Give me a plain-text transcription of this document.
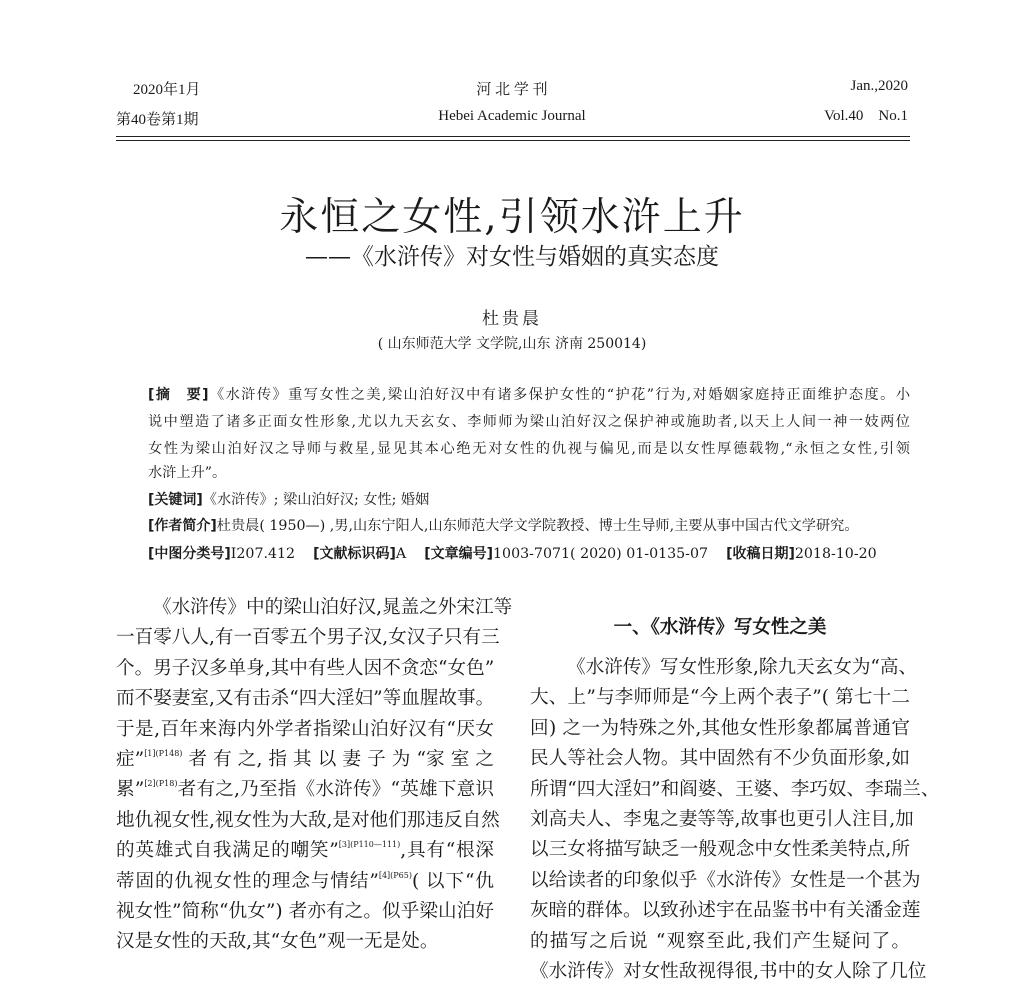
2020年1月	河 北 学 刊	Jan.,2020
第40卷第1期	Hebei Academic Journal	Vol.40    No.1
永恒之女性,引领水浒上升
——《水浒传》对女性与婚姻的真实态度
杜贵晨
( 山东师范大学 文学院,山东 济南 250014)
[摘　要]《水浒传》重写女性之美,梁山泊好汉中有诸多保护女性的“护花”行为,对婚姻家庭持正面维护态度。小
说中塑造了诸多正面女性形象,尤以九天玄女、李师师为梁山泊好汉之保护神或施助者,以天上人间一神一妓两位
女性为梁山泊好汉之导师与救星,显见其本心绝无对女性的仇视与偏见,而是以女性厚德载物,“永恒之女性,引领
水浒上升”。
[关键词]《水浒传》; 梁山泊好汉; 女性; 婚姻
[作者简介]杜贵晨( 1950—) ,男,山东宁阳人,山东师范大学文学院教授、博士生导师,主要从事中国古代文学研究。
[中图分类号]I207.412 [文献标识码]A [文章编号]1003-7071( 2020) 01-0135-07 [收稿日期]2018-10-20
《水浒传》中的梁山泊好汉,晁盖之外宋江等
一百零八人,有一百零五个男子汉,女汉子只有三
个。男子汉多单身,其中有些人因不贪恋“女色”
而不娶妻室,又有击杀“四大淫妇”等血腥故事。
于是,百年来海内外学者指梁山泊好汉有“厌女
症”$^{[1](P148)}$ 者 有 之, 指 其 以 妻 子 为 “家 室 之
累”$^{[2](P18)}$者有之,乃至指《水浒传》“英雄下意识
地仇视女性,视女性为大敌,是对他们那违反自然
的英雄式自我满足的嘲笑”$^{[3](P110—111)}$,具有“根深
蒂固的仇视女性的理念与情结”$^{[4](P65)}$( 以下“仇
视女性”简称“仇女”) 者亦有之。似乎梁山泊好
汉是女性的天敌,其“女色”观一无是处。
一、《水浒传》写女性之美
《水浒传》写女性形象,除九天玄女为“高、
大、上”与李师师是“今上两个表子”( 第七十二
回) 之一为特殊之外,其他女性形象都属普通官
民人等社会人物。其中固然有不少负面形象,如
所谓“四大淫妇”和阎婆、王婆、李巧奴、李瑞兰、
刘高夫人、李鬼之妻等等,故事也更引人注目,加
以三女将描写缺乏一般观念中女性柔美特点,所
以给读者的印象似乎《水浒传》女性是一个甚为
灰暗的群体。以致孙述宇在品鉴书中有关潘金莲
的描写之后说 “观察至此,我们产生疑问了。
《水浒传》对女性敌视得很,书中的女人除了几位
